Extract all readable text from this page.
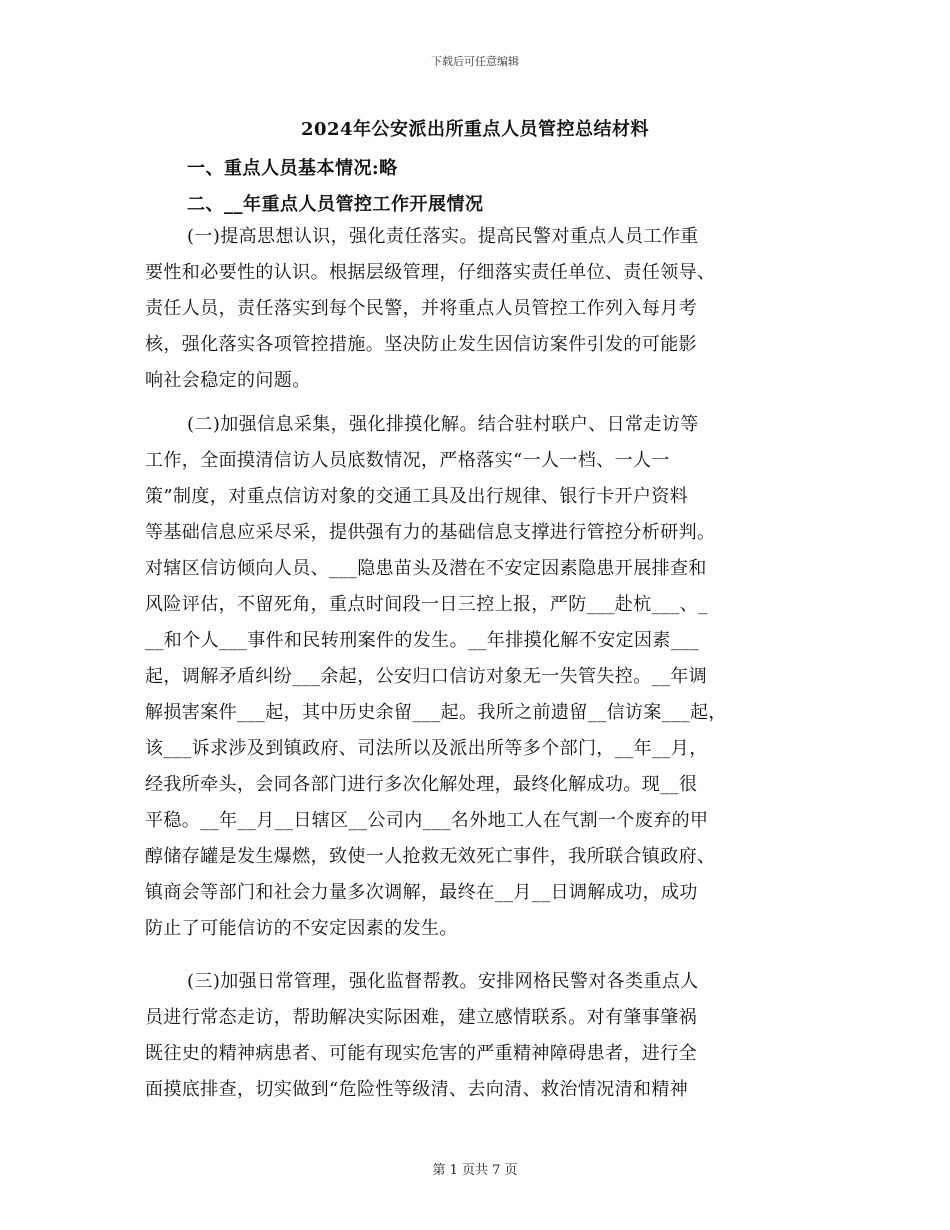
下载后可任意编辑
2024年公安派出所重点人员管控总结材料
一、重点人员基本情况:略
二、__年重点人员管控工作开展情况
(一)提高思想认识，强化责任落实。提高民警对重点人员工作重
要性和必要性的认识。根据层级管理，仔细落实责任单位、责任领导、
责任人员，责任落实到每个民警，并将重点人员管控工作列入每月考
核，强化落实各项管控措施。坚决防止发生因信访案件引发的可能影
响社会稳定的问题。
(二)加强信息采集，强化排摸化解。结合驻村联户、日常走访等
工作，全面摸清信访人员底数情况，严格落实“一人一档、一人一
策”制度，对重点信访对象的交通工具及出行规律、银行卡开户资料
等基础信息应采尽采，提供强有力的基础信息支撑进行管控分析研判。
对辖区信访倾向人员、___隐患苗头及潜在不安定因素隐患开展排查和
风险评估，不留死角，重点时间段一日三控上报，严防___赴杭___、_
__和个人___事件和民转刑案件的发生。__年排摸化解不安定因素___
起，调解矛盾纠纷___余起，公安归口信访对象无一失管失控。__年调
解损害案件___起，其中历史余留___起。我所之前遗留__信访案___起，
该___诉求涉及到镇政府、司法所以及派出所等多个部门，__年__月，
经我所牵头，会同各部门进行多次化解处理，最终化解成功。现__很
平稳。__年__月__日辖区__公司内___名外地工人在气割一个废弃的甲
醇储存罐是发生爆燃，致使一人抢救无效死亡事件，我所联合镇政府、
镇商会等部门和社会力量多次调解，最终在__月__日调解成功，成功
防止了可能信访的不安定因素的发生。
(三)加强日常管理，强化监督帮教。安排网格民警对各类重点人
员进行常态走访，帮助解决实际困难，建立感情联系。对有肇事肇祸
既往史的精神病患者、可能有现实危害的严重精神障碍患者，进行全
面摸底排查，切实做到“危险性等级清、去向清、救治情况清和精神
第 1 页共 7 页
